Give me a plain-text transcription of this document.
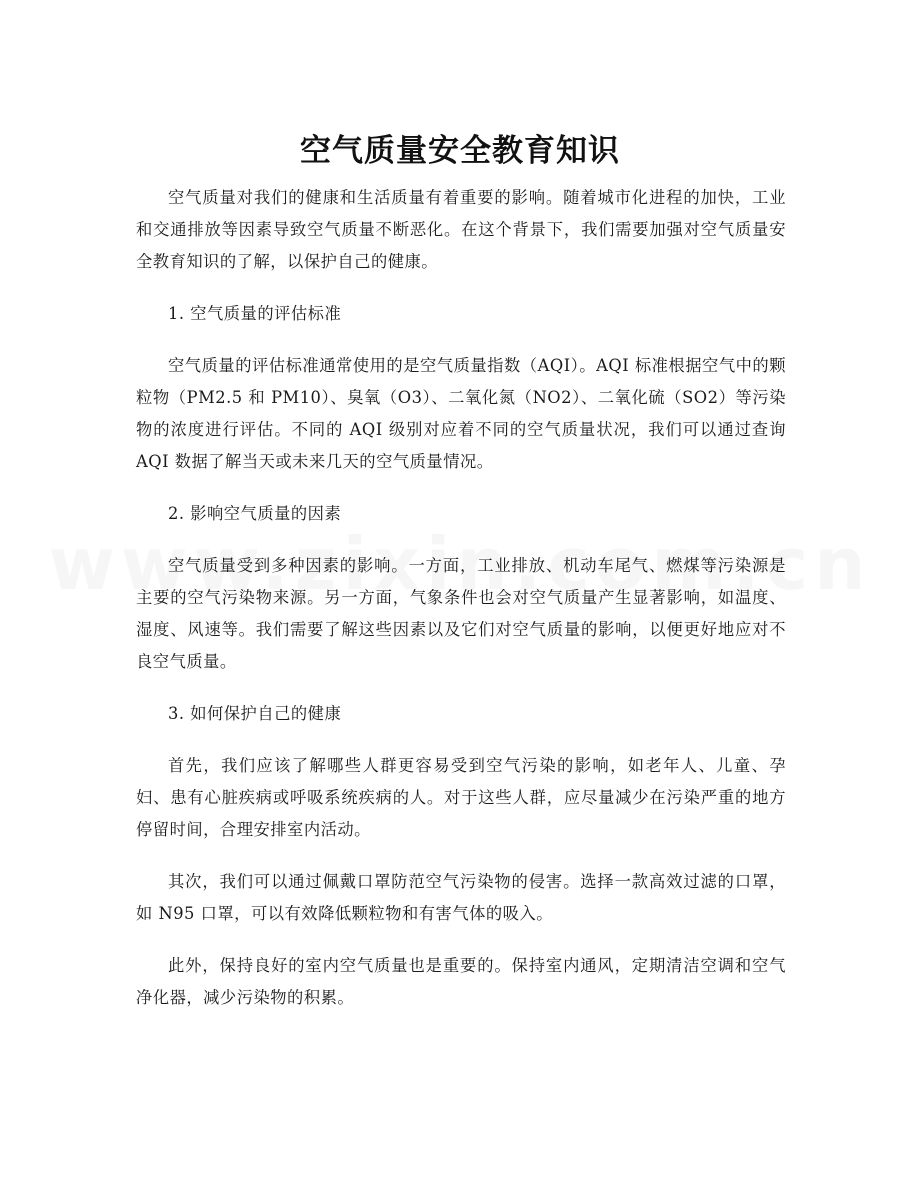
空气质量安全教育知识

空气质量对我们的健康和生活质量有着重要的影响。随着城市化进程的加快，工业和交通排放等因素导致空气质量不断恶化。在这个背景下，我们需要加强对空气质量安全教育知识的了解，以保护自己的健康。

1. 空气质量的评估标准

空气质量的评估标准通常使用的是空气质量指数（AQI）。AQI 标准根据空气中的颗粒物（PM2.5 和 PM10）、臭氧（O3）、二氧化氮（NO2）、二氧化硫（SO2）等污染物的浓度进行评估。不同的 AQI 级别对应着不同的空气质量状况，我们可以通过查询 AQI 数据了解当天或未来几天的空气质量情况。

2. 影响空气质量的因素

空气质量受到多种因素的影响。一方面，工业排放、机动车尾气、燃煤等污染源是主要的空气污染物来源。另一方面，气象条件也会对空气质量产生显著影响，如温度、湿度、风速等。我们需要了解这些因素以及它们对空气质量的影响，以便更好地应对不良空气质量。

3. 如何保护自己的健康

首先，我们应该了解哪些人群更容易受到空气污染的影响，如老年人、儿童、孕妇、患有心脏疾病或呼吸系统疾病的人。对于这些人群，应尽量减少在污染严重的地方停留时间，合理安排室内活动。

其次，我们可以通过佩戴口罩防范空气污染物的侵害。选择一款高效过滤的口罩，如 N95 口罩，可以有效降低颗粒物和有害气体的吸入。

此外，保持良好的室内空气质量也是重要的。保持室内通风，定期清洁空调和空气净化器，减少污染物的积累。
